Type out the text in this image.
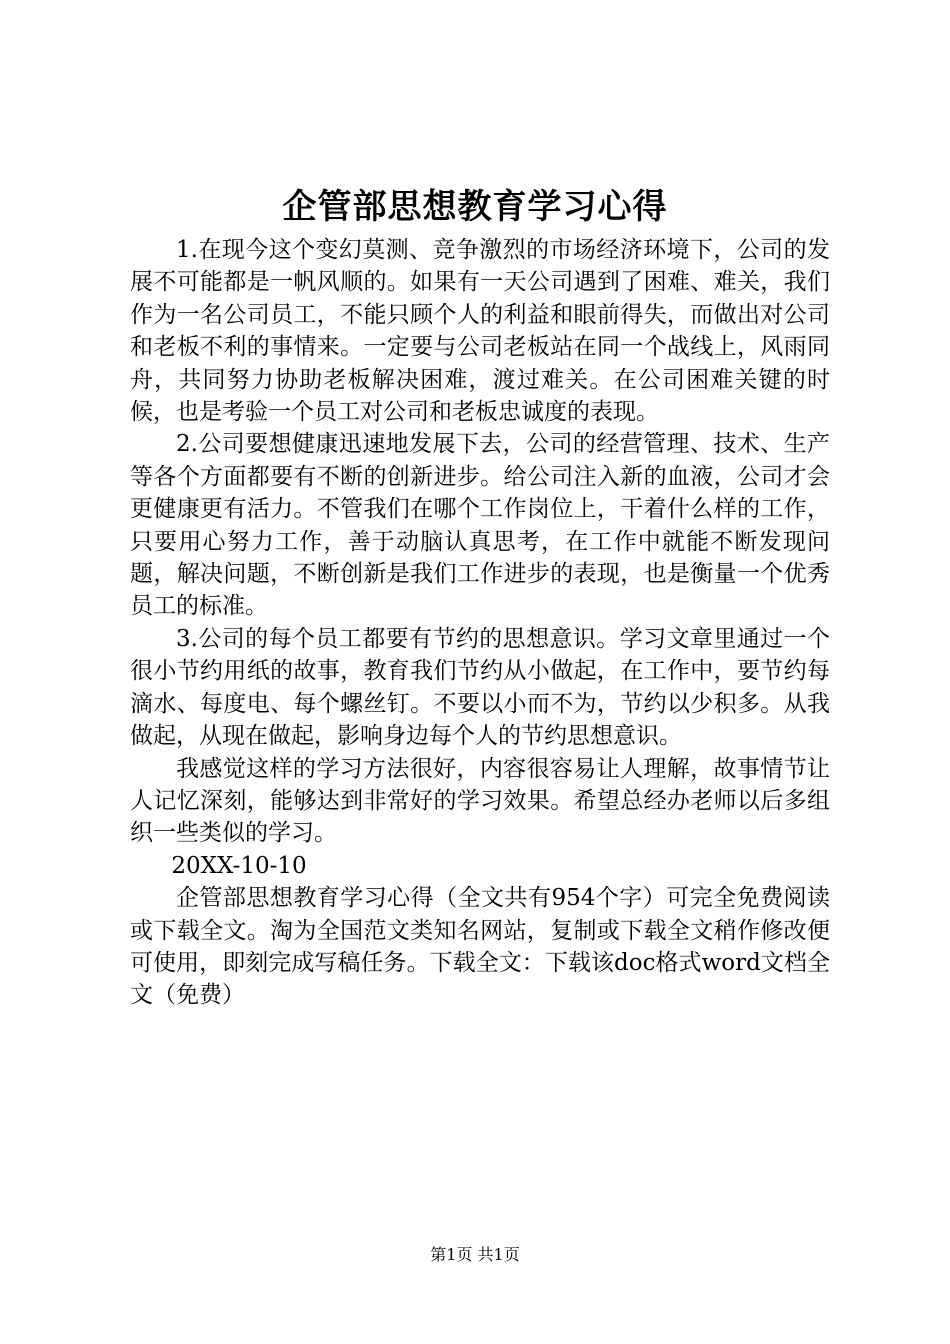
企管部思想教育学习心得

1.在现今这个变幻莫测、竞争激烈的市场经济环境下，公司的发展不可能都是一帆风顺的。如果有一天公司遇到了困难、难关，我们作为一名公司员工，不能只顾个人的利益和眼前得失，而做出对公司和老板不利的事情来。一定要与公司老板站在同一个战线上，风雨同舟，共同努力协助老板解决困难，渡过难关。在公司困难关键的时候，也是考验一个员工对公司和老板忠诚度的表现。

2.公司要想健康迅速地发展下去，公司的经营管理、技术、生产等各个方面都要有不断的创新进步。给公司注入新的血液，公司才会更健康更有活力。不管我们在哪个工作岗位上，干着什么样的工作，只要用心努力工作，善于动脑认真思考，在工作中就能不断发现问题，解决问题，不断创新是我们工作进步的表现，也是衡量一个优秀员工的标准。

3.公司的每个员工都要有节约的思想意识。学习文章里通过一个很小节约用纸的故事，教育我们节约从小做起，在工作中，要节约每滴水、每度电、每个螺丝钉。不要以小而不为，节约以少积多。从我做起，从现在做起，影响身边每个人的节约思想意识。

我感觉这样的学习方法很好，内容很容易让人理解，故事情节让人记忆深刻，能够达到非常好的学习效果。希望总经办老师以后多组织一些类似的学习。

20XX-10-10

企管部思想教育学习心得（全文共有954个字）可完全免费阅读或下载全文。淘为全国范文类知名网站，复制或下载全文稍作修改便可使用，即刻完成写稿任务。下载全文：下载该doc格式word文档全文（免费）

第1页 共1页
